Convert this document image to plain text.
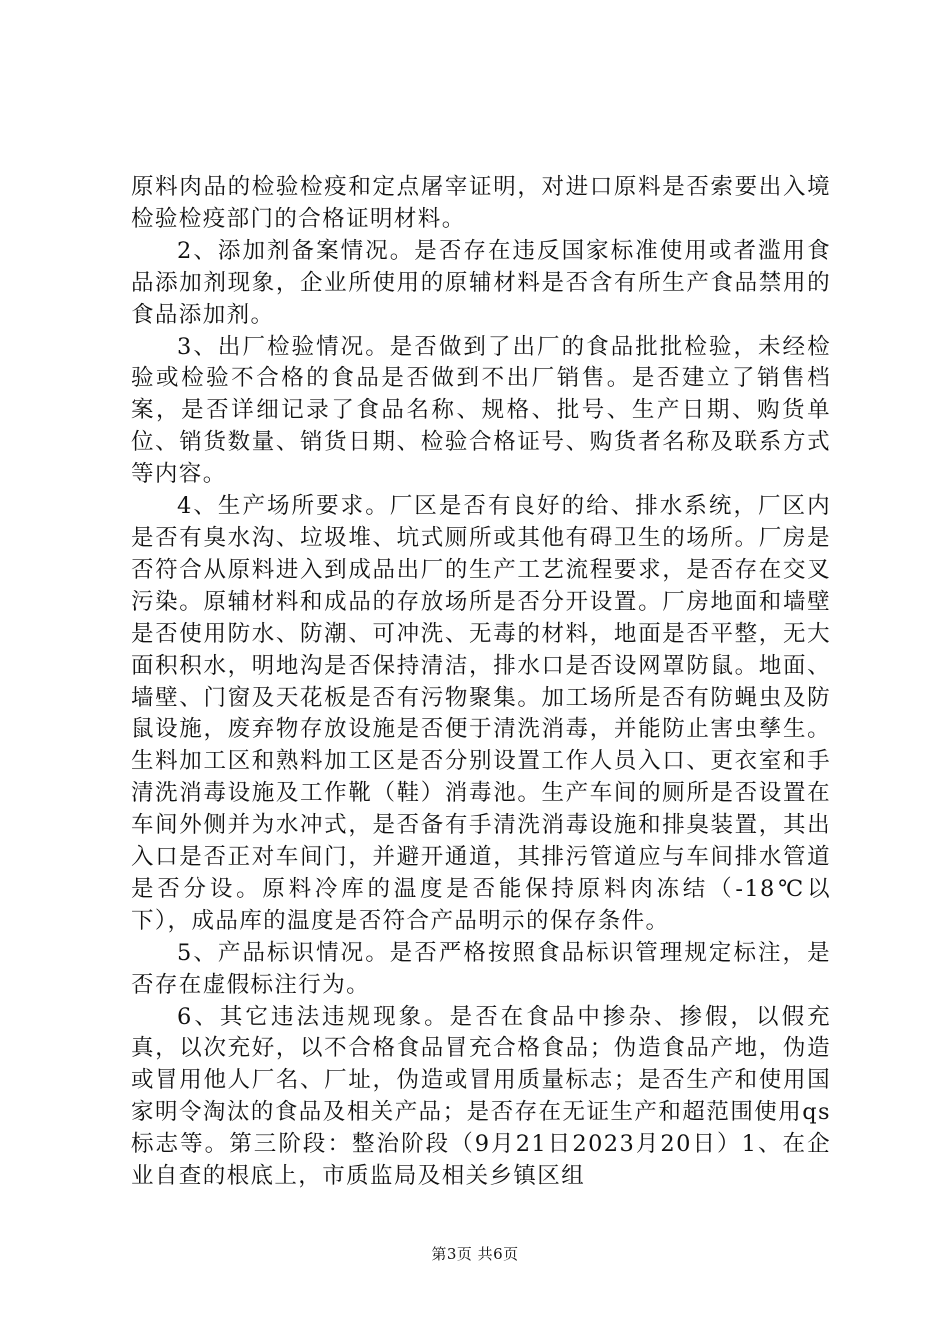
原料肉品的检验检疫和定点屠宰证明，对进口原料是否索要出入境检验检疫部门的合格证明材料。

2、添加剂备案情况。是否存在违反国家标准使用或者滥用食品添加剂现象，企业所使用的原辅材料是否含有所生产食品禁用的食品添加剂。

3、出厂检验情况。是否做到了出厂的食品批批检验，未经检验或检验不合格的食品是否做到不出厂销售。是否建立了销售档案，是否详细记录了食品名称、规格、批号、生产日期、购货单位、销货数量、销货日期、检验合格证号、购货者名称及联系方式等内容。

4、生产场所要求。厂区是否有良好的给、排水系统，厂区内是否有臭水沟、垃圾堆、坑式厕所或其他有碍卫生的场所。厂房是否符合从原料进入到成品出厂的生产工艺流程要求，是否存在交叉污染。原辅材料和成品的存放场所是否分开设置。厂房地面和墙壁是否使用防水、防潮、可冲洗、无毒的材料，地面是否平整，无大面积积水，明地沟是否保持清洁，排水口是否设网罩防鼠。地面、墙壁、门窗及天花板是否有污物聚集。加工场所是否有防蝇虫及防鼠设施，废弃物存放设施是否便于清洗消毒，并能防止害虫孳生。生料加工区和熟料加工区是否分别设置工作人员入口、更衣室和手清洗消毒设施及工作靴（鞋）消毒池。生产车间的厕所是否设置在车间外侧并为水冲式，是否备有手清洗消毒设施和排臭装置，其出入口是否正对车间门，并避开通道，其排污管道应与车间排水管道是否分设。原料冷库的温度是否能保持原料肉冻结（-18℃以下），成品库的温度是否符合产品明示的保存条件。

5、产品标识情况。是否严格按照食品标识管理规定标注，是否存在虚假标注行为。

6、其它违法违规现象。是否在食品中掺杂、掺假，以假充真，以次充好，以不合格食品冒充合格食品；伪造食品产地，伪造或冒用他人厂名、厂址，伪造或冒用质量标志；是否生产和使用国家明令淘汰的食品及相关产品；是否存在无证生产和超范围使用qs标志等。第三阶段：整治阶段（9月21日2023月20日）1、在企业自查的根底上，市质监局及相关乡镇区组

第3页 共6页
